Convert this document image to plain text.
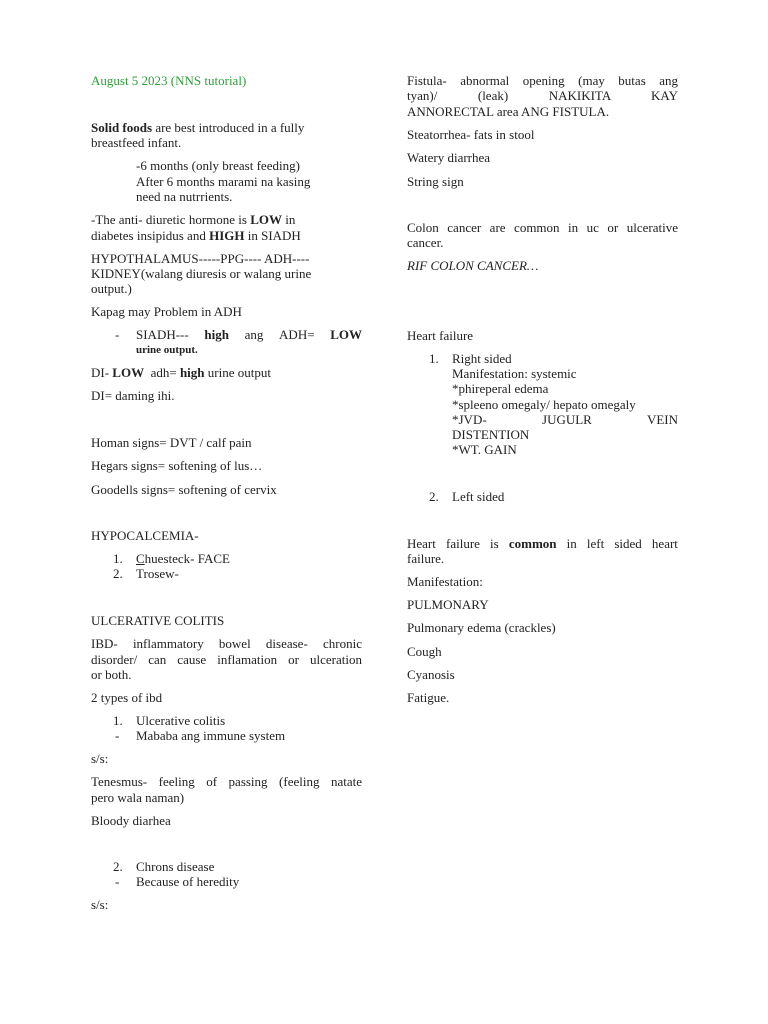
August 5 2023 (NNS tutorial)
Solid foods are best introduced in a fully
breastfeed infant.
-6 months (only breast feeding)
After 6 months marami na kasing
need na nutrrients.
-The anti- diuretic hormone is LOW in
diabetes insipidus and HIGH in SIADH
HYPOTHALAMUS-----PPG---- ADH----
KIDNEY(walang diuresis or walang urine
output.)
Kapag may Problem in ADH
- SIADH--- high ang ADH= LOW
urine output.
DI- LOW  adh= high urine output
DI= daming ihi.
Homan signs= DVT / calf pain
Hegars signs= softening of lus…
Goodells signs= softening of cervix
HYPOCALCEMIA-
1. Chuesteck- FACE
2. Trosew-
ULCERATIVE COLITIS
IBD- inflammatory bowel disease- chronic
disorder/ can cause inflamation or ulceration
or both.
2 types of ibd
1. Ulcerative colitis
- Mababa ang immune system
s/s:
Tenesmus- feeling of passing (feeling natate
pero wala naman)
Bloody diarhea
2. Chrons disease
- Because of heredity
s/s:
Fistula- abnormal opening (may butas ang
tyan)/ (leak) NAKIKITA KAY
ANNORECTAL area ANG FISTULA.
Steatorrhea- fats in stool
Watery diarrhea
String sign
Colon cancer are common in uc or ulcerative
cancer.
RIF COLON CANCER…
Heart failure
1. Right sided
Manifestation: systemic
*phireperal edema
*spleeno omegaly/ hepato omegaly
*JVD- JUGULR VEIN
DISTENTION
*WT. GAIN
2. Left sided
Heart failure is common in left sided heart
failure.
Manifestation:
PULMONARY
Pulmonary edema (crackles)
Cough
Cyanosis
Fatigue.
